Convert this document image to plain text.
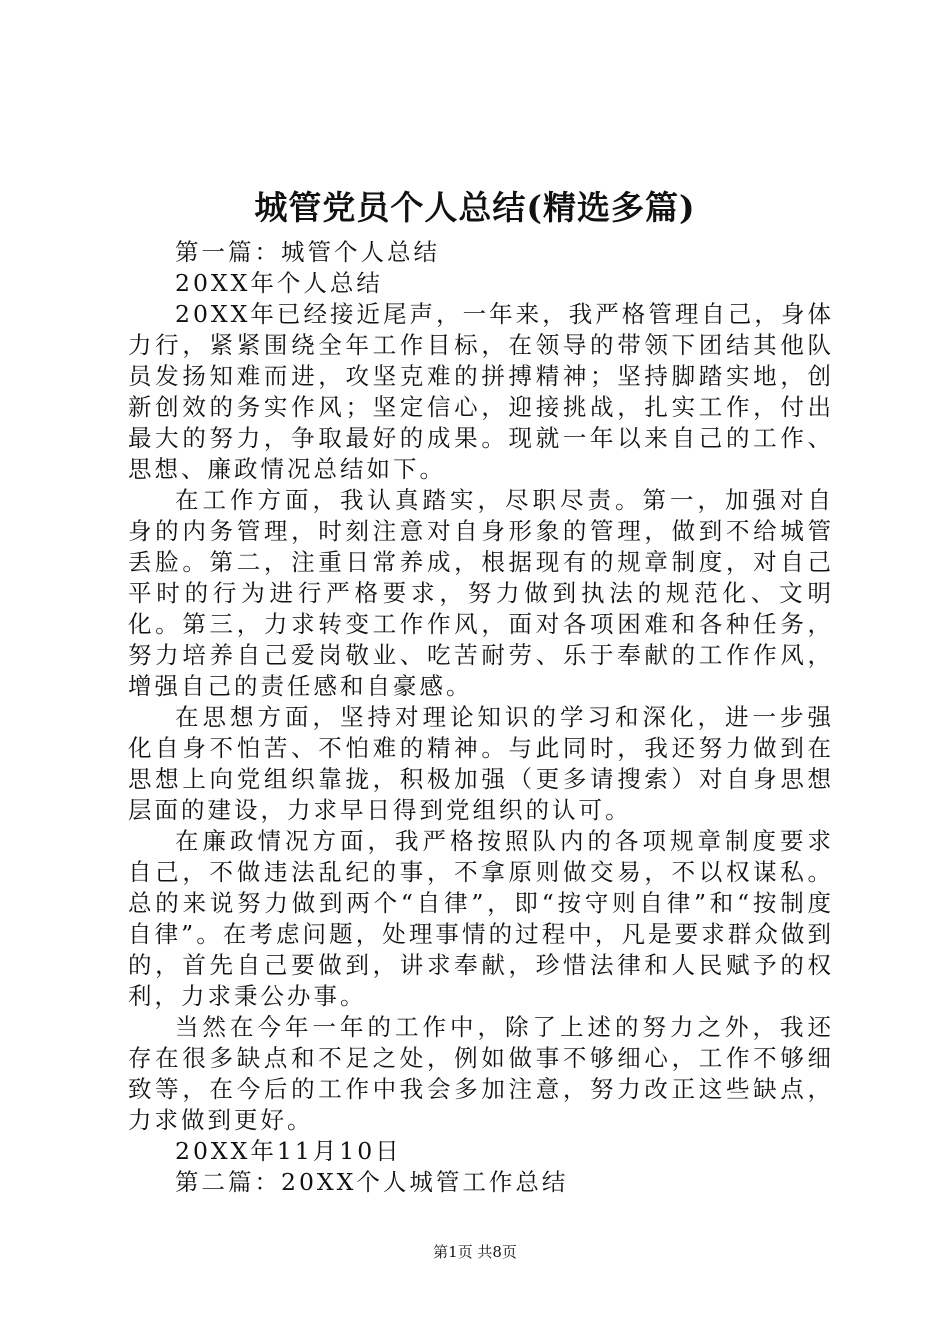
城管党员个人总结(精选多篇)

第一篇：城管个人总结

20XX年个人总结

20XX年已经接近尾声，一年来，我严格管理自己，身体力行，紧紧围绕全年工作目标，在领导的带领下团结其他队员发扬知难而进，攻坚克难的拼搏精神；坚持脚踏实地，创新创效的务实作风；坚定信心，迎接挑战，扎实工作，付出最大的努力，争取最好的成果。现就一年以来自己的工作、思想、廉政情况总结如下。

在工作方面，我认真踏实，尽职尽责。第一，加强对自身的内务管理，时刻注意对自身形象的管理，做到不给城管丢脸。第二，注重日常养成，根据现有的规章制度，对自己平时的行为进行严格要求，努力做到执法的规范化、文明化。第三，力求转变工作作风，面对各项困难和各种任务，努力培养自己爱岗敬业、吃苦耐劳、乐于奉献的工作作风，增强自己的责任感和自豪感。

在思想方面，坚持对理论知识的学习和深化，进一步强化自身不怕苦、不怕难的精神。与此同时，我还努力做到在思想上向党组织靠拢，积极加强（更多请搜索）对自身思想层面的建设，力求早日得到党组织的认可。

在廉政情况方面，我严格按照队内的各项规章制度要求自己，不做违法乱纪的事，不拿原则做交易，不以权谋私。总的来说努力做到两个“自律”，即“按守则自律”和“按制度自律”。在考虑问题，处理事情的过程中，凡是要求群众做到的，首先自己要做到，讲求奉献，珍惜法律和人民赋予的权利，力求秉公办事。

当然在今年一年的工作中，除了上述的努力之外，我还存在很多缺点和不足之处，例如做事不够细心，工作不够细致等，在今后的工作中我会多加注意，努力改正这些缺点，力求做到更好。

20XX年11月10日

第二篇：20XX个人城管工作总结

第1页 共8页
